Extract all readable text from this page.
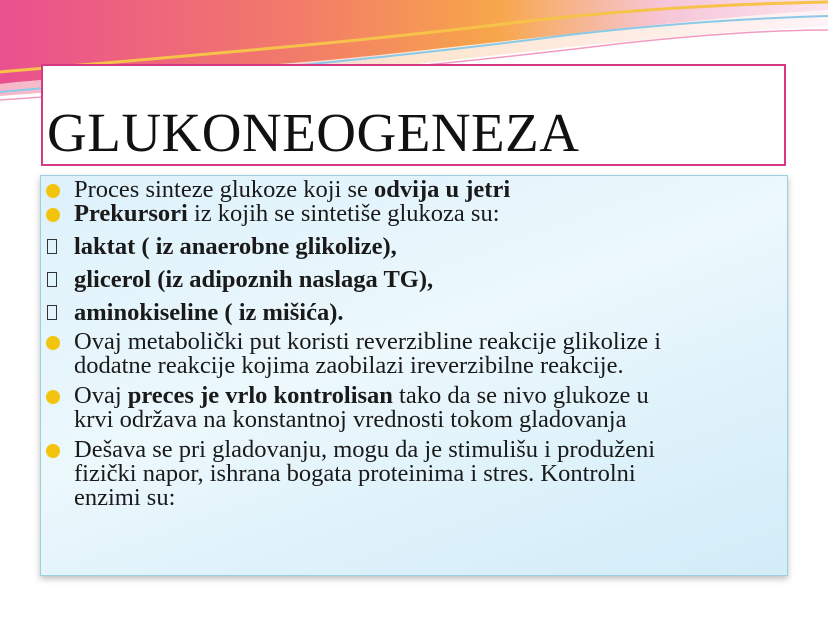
GLUKONEOGENEZA
Proces sinteze glukoze koji se odvija u jetri
Prekursori iz kojih se sintetiše glukoza su:
laktat ( iz anaerobne glikolize),
glicerol (iz adipoznih naslaga TG),
aminokiseline ( iz mišića).
Ovaj metabolički put koristi reverzibline reakcije glikolize i
dodatne reakcije kojima zaobilazi ireverzibilne reakcije.
Ovaj preces je vrlo kontrolisan tako da se nivo glukoze u
krvi održava na konstantnoj vrednosti tokom gladovanja
Dešava se pri gladovanju, mogu da je stimulišu i produženi
fizički napor, ishrana bogata proteinima i stres. Kontrolni
enzimi su:
